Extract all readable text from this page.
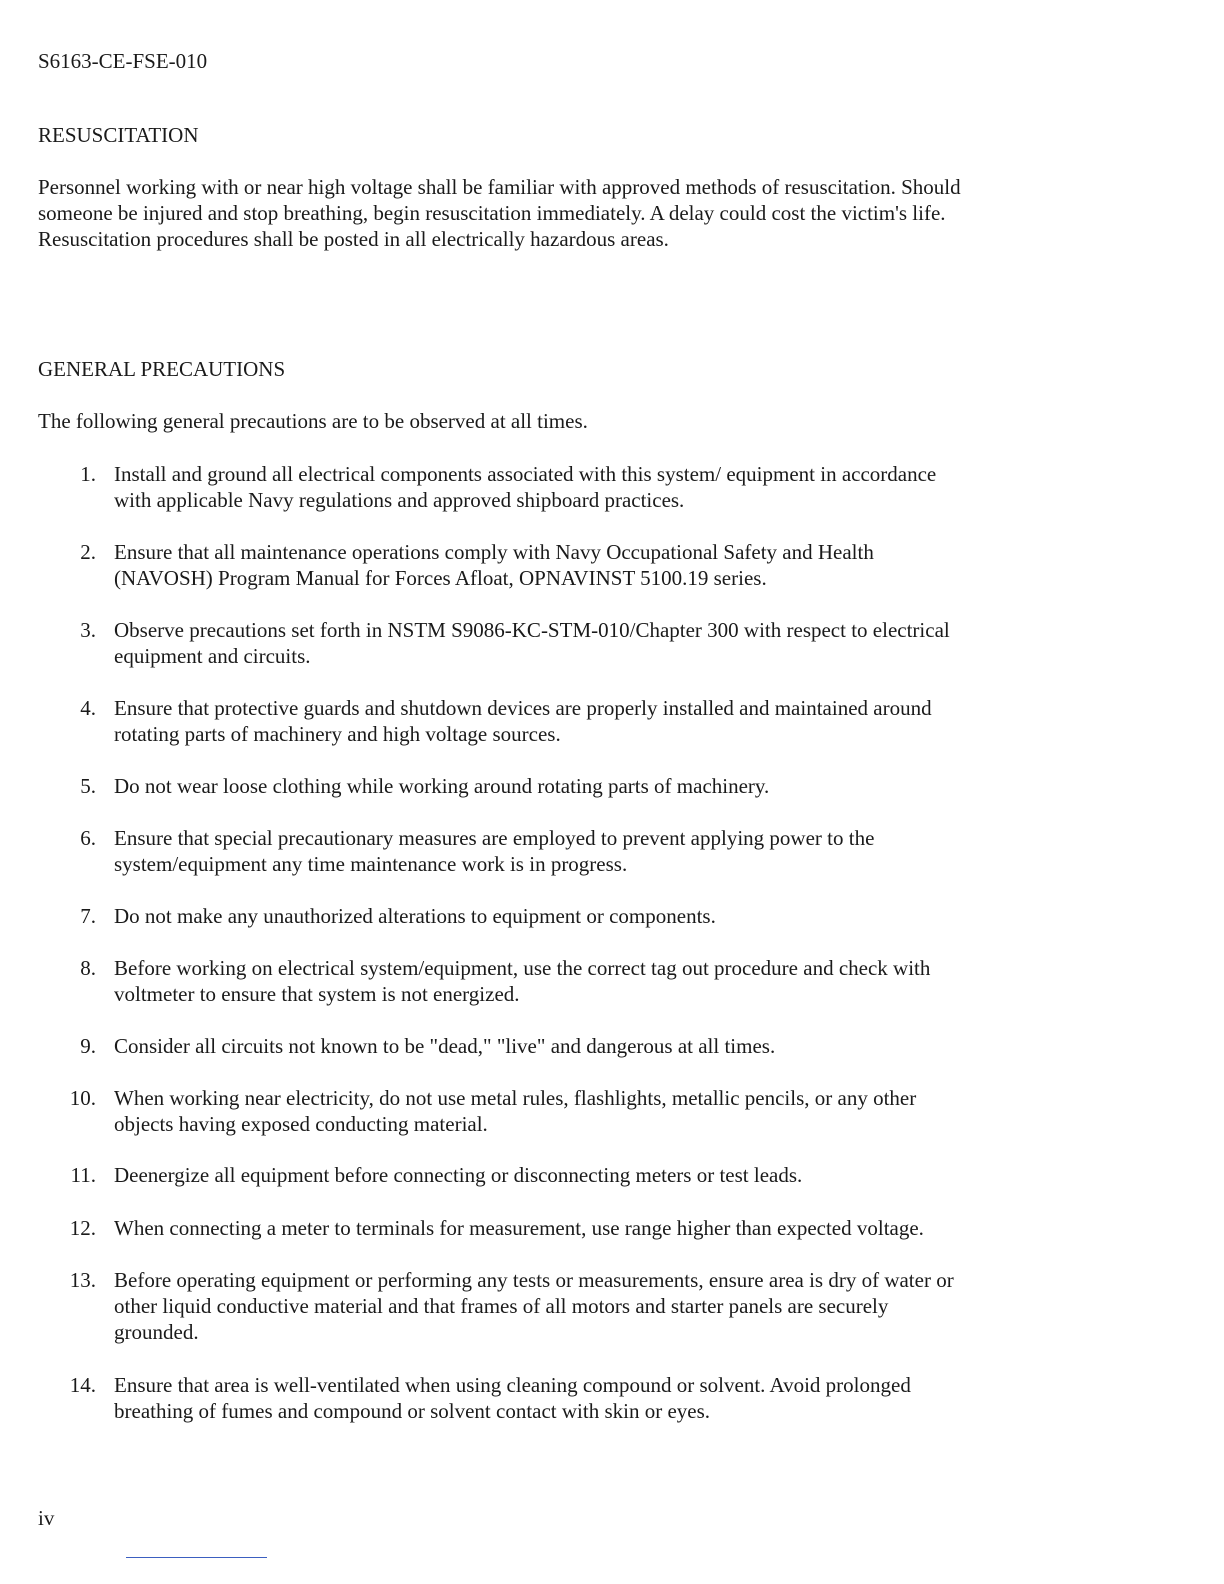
S6163-CE-FSE-010
RESUSCITATION
Personnel working with or near high voltage shall be familiar with approved methods of resuscitation. Should
someone be injured and stop breathing, begin resuscitation immediately. A delay could cost the victim's life.
Resuscitation procedures shall be posted in all electrically hazardous areas.
GENERAL PRECAUTIONS
The following general precautions are to be observed at all times.
1. Install and ground all electrical components associated with this system/ equipment in accordance
with applicable Navy regulations and approved shipboard practices.
2. Ensure that all maintenance operations comply with Navy Occupational Safety and Health
(NAVOSH) Program Manual for Forces Afloat, OPNAVINST 5100.19 series.
3. Observe precautions set forth in NSTM S9086-KC-STM-010/Chapter 300 with respect to electrical
equipment and circuits.
4. Ensure that protective guards and shutdown devices are properly installed and maintained around
rotating parts of machinery and high voltage sources.
5. Do not wear loose clothing while working around rotating parts of machinery.
6. Ensure that special precautionary measures are employed to prevent applying power to the
system/equipment any time maintenance work is in progress.
7. Do not make any unauthorized alterations to equipment or components.
8. Before working on electrical system/equipment, use the correct tag out procedure and check with
voltmeter to ensure that system is not energized.
9. Consider all circuits not known to be "dead," "live" and dangerous at all times.
10. When working near electricity, do not use metal rules, flashlights, metallic pencils, or any other
objects having exposed conducting material.
11. Deenergize all equipment before connecting or disconnecting meters or test leads.
12. When connecting a meter to terminals for measurement, use range higher than expected voltage.
13. Before operating equipment or performing any tests or measurements, ensure area is dry of water or
other liquid conductive material and that frames of all motors and starter panels are securely
grounded.
14. Ensure that area is well-ventilated when using cleaning compound or solvent. Avoid prolonged
breathing of fumes and compound or solvent contact with skin or eyes.
iv
